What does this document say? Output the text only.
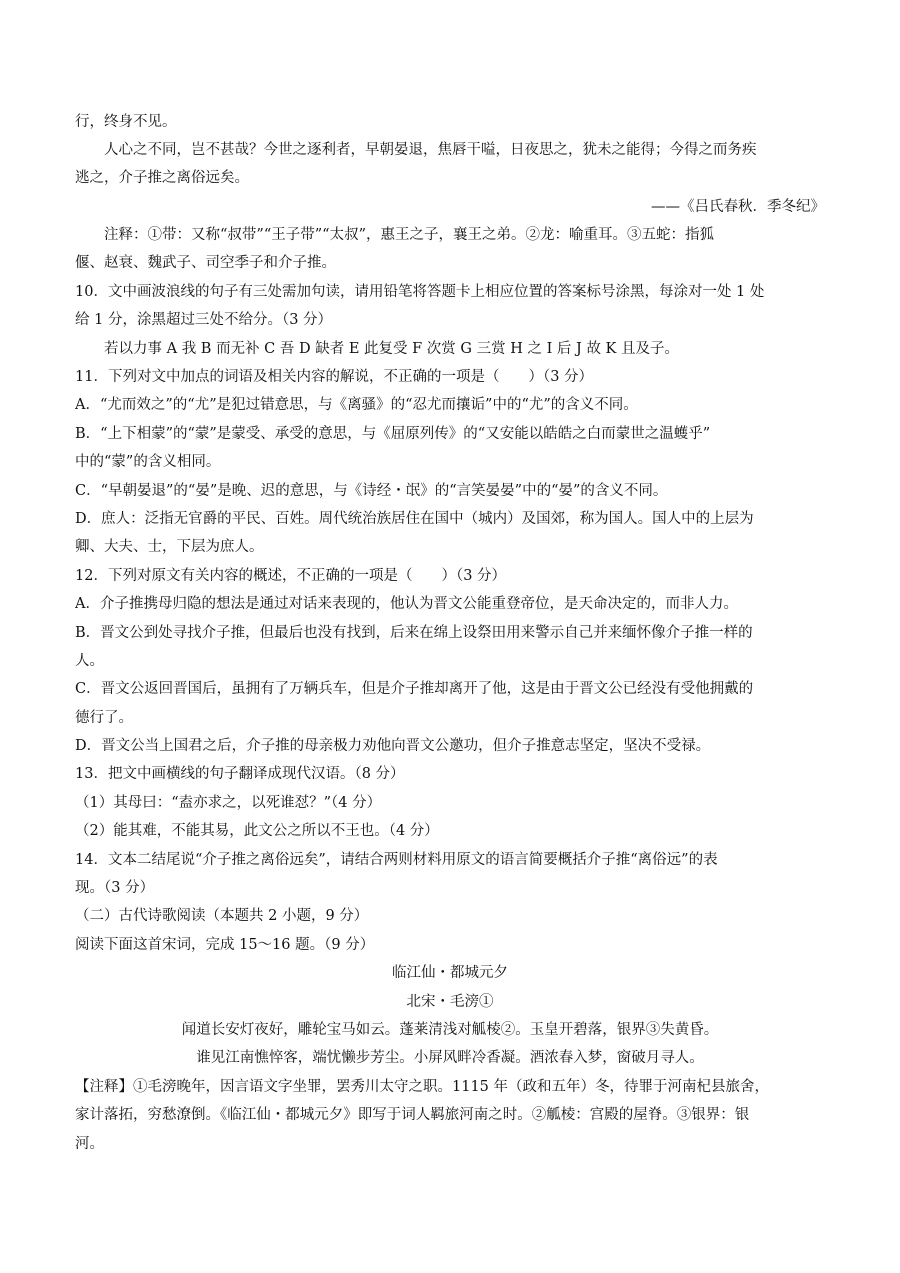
行，终身不见。
人心之不同，岂不甚哉？今世之逐利者，早朝晏退，焦唇干嗌，日夜思之，犹未之能得；今得之而务疾
逃之，介子推之离俗远矣。
——《吕氏春秋．季冬纪》
注释：①带：又称“叔带”“王子带”“太叔”，惠王之子，襄王之弟。②龙：喻重耳。③五蛇：指狐
偃、赵衰、魏武子、司空季子和介子推。
10．文中画波浪线的句子有三处需加句读，请用铅笔将答题卡上相应位置的答案标号涂黑，每涂对一处 1 处
给 1 分，涂黑超过三处不给分。（3 分）
若以力事 A 我 B 而无补 C 吾 D 缺者 E 此复受 F 次赏 G 三赏 H 之 I 后 J 故 K 且及子。
11．下列对文中加点的词语及相关内容的解说，不正确的一项是（　　）（3 分）
A．“尤而效之”的“尤”是犯过错意思，与《离骚》的“忍尤而攘诟”中的“尤”的含义不同。
B．“上下相蒙”的“蒙”是蒙受、承受的意思，与《屈原列传》的“又安能以皓皓之白而蒙世之温蠖乎”
中的“蒙”的含义相同。
C．“早朝晏退”的“晏”是晚、迟的意思，与《诗经・氓》的“言笑晏晏”中的“晏”的含义不同。
D．庶人：泛指无官爵的平民、百姓。周代统治族居住在国中（城内）及国郊，称为国人。国人中的上层为
卿、大夫、士，下层为庶人。
12．下列对原文有关内容的概述，不正确的一项是（　　）（3 分）
A．介子推携母归隐的想法是通过对话来表现的，他认为晋文公能重登帝位，是天命决定的，而非人力。
B．晋文公到处寻找介子推，但最后也没有找到，后来在绵上设祭田用来警示自己并来缅怀像介子推一样的
人。
C．晋文公返回晋国后，虽拥有了万辆兵车，但是介子推却离开了他，这是由于晋文公已经没有受他拥戴的
德行了。
D．晋文公当上国君之后，介子推的母亲极力劝他向晋文公邀功，但介子推意志坚定，坚决不受禄。
13．把文中画横线的句子翻译成现代汉语。（8 分）
（1）其母曰：“盍亦求之，以死谁怼？”（4 分）
（2）能其难，不能其易，此文公之所以不王也。（4 分）
14．文本二结尾说“介子推之离俗远矣”，请结合两则材料用原文的语言简要概括介子推“离俗远”的表
现。（3 分）
（二）古代诗歌阅读（本题共 2 小题，9 分）
阅读下面这首宋词，完成 15～16 题。（9 分）
临江仙・都城元夕
北宋・毛滂①
闻道长安灯夜好，雕轮宝马如云。蓬莱清浅对觚棱②。玉皇开碧落，银界③失黄昏。
谁见江南憔悴客，端忧懒步芳尘。小屏风畔冷香凝。酒浓春入梦，窗破月寻人。
【注释】①毛滂晚年，因言语文字坐罪，罢秀川太守之职。1115 年（政和五年）冬，待罪于河南杞县旅舍，
家计落拓，穷愁潦倒。《临江仙・都城元夕》即写于词人羁旅河南之时。②觚棱：宫殿的屋脊。③银界：银
河。
